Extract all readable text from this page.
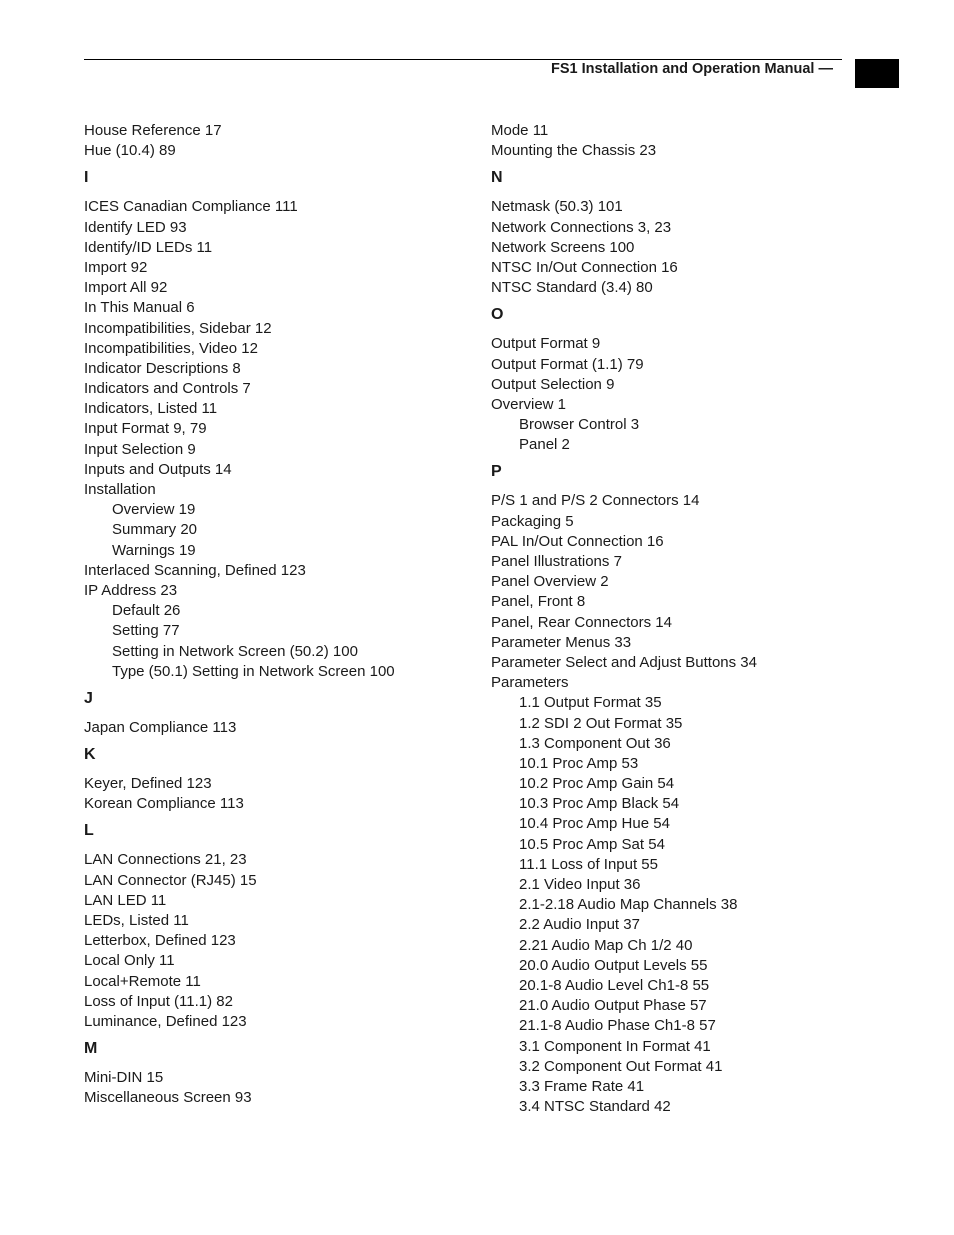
FS1 Installation and Operation Manual —
House Reference 17
Hue (10.4) 89
I
ICES Canadian Compliance 111
Identify LED 93
Identify/ID LEDs 11
Import 92
Import All 92
In This Manual 6
Incompatibilities, Sidebar 12
Incompatibilities, Video 12
Indicator Descriptions 8
Indicators and Controls 7
Indicators, Listed 11
Input Format 9, 79
Input Selection 9
Inputs and Outputs 14
Installation
Overview 19
Summary 20
Warnings 19
Interlaced Scanning, Defined 123
IP Address 23
Default 26
Setting 77
Setting in Network Screen (50.2) 100
Type (50.1) Setting in Network Screen 100
J
Japan Compliance 113
K
Keyer, Defined 123
Korean Compliance 113
L
LAN Connections 21, 23
LAN Connector (RJ45) 15
LAN LED 11
LEDs, Listed 11
Letterbox, Defined 123
Local Only 11
Local+Remote 11
Loss of Input (11.1) 82
Luminance, Defined 123
M
Mini-DIN 15
Miscellaneous Screen 93
Mode 11
Mounting the Chassis 23
N
Netmask (50.3) 101
Network Connections 3, 23
Network Screens 100
NTSC In/Out Connection 16
NTSC Standard (3.4) 80
O
Output Format 9
Output Format (1.1) 79
Output Selection 9
Overview 1
Browser Control 3
Panel 2
P
P/S 1 and P/S 2 Connectors 14
Packaging 5
PAL In/Out Connection 16
Panel Illustrations 7
Panel Overview 2
Panel, Front 8
Panel, Rear Connectors 14
Parameter Menus 33
Parameter Select and Adjust Buttons 34
Parameters
1.1 Output Format 35
1.2 SDI 2 Out Format 35
1.3 Component Out 36
10.1 Proc Amp 53
10.2 Proc Amp Gain 54
10.3 Proc Amp Black 54
10.4 Proc Amp Hue 54
10.5 Proc Amp Sat 54
11.1 Loss of Input 55
2.1 Video Input 36
2.1-2.18 Audio Map Channels 38
2.2 Audio Input 37
2.21 Audio Map Ch 1/2 40
20.0 Audio Output Levels 55
20.1-8 Audio Level Ch1-8 55
21.0 Audio Output Phase 57
21.1-8 Audio Phase Ch1-8 57
3.1 Component In Format 41
3.2 Component Out Format 41
3.3 Frame Rate 41
3.4 NTSC Standard 42
